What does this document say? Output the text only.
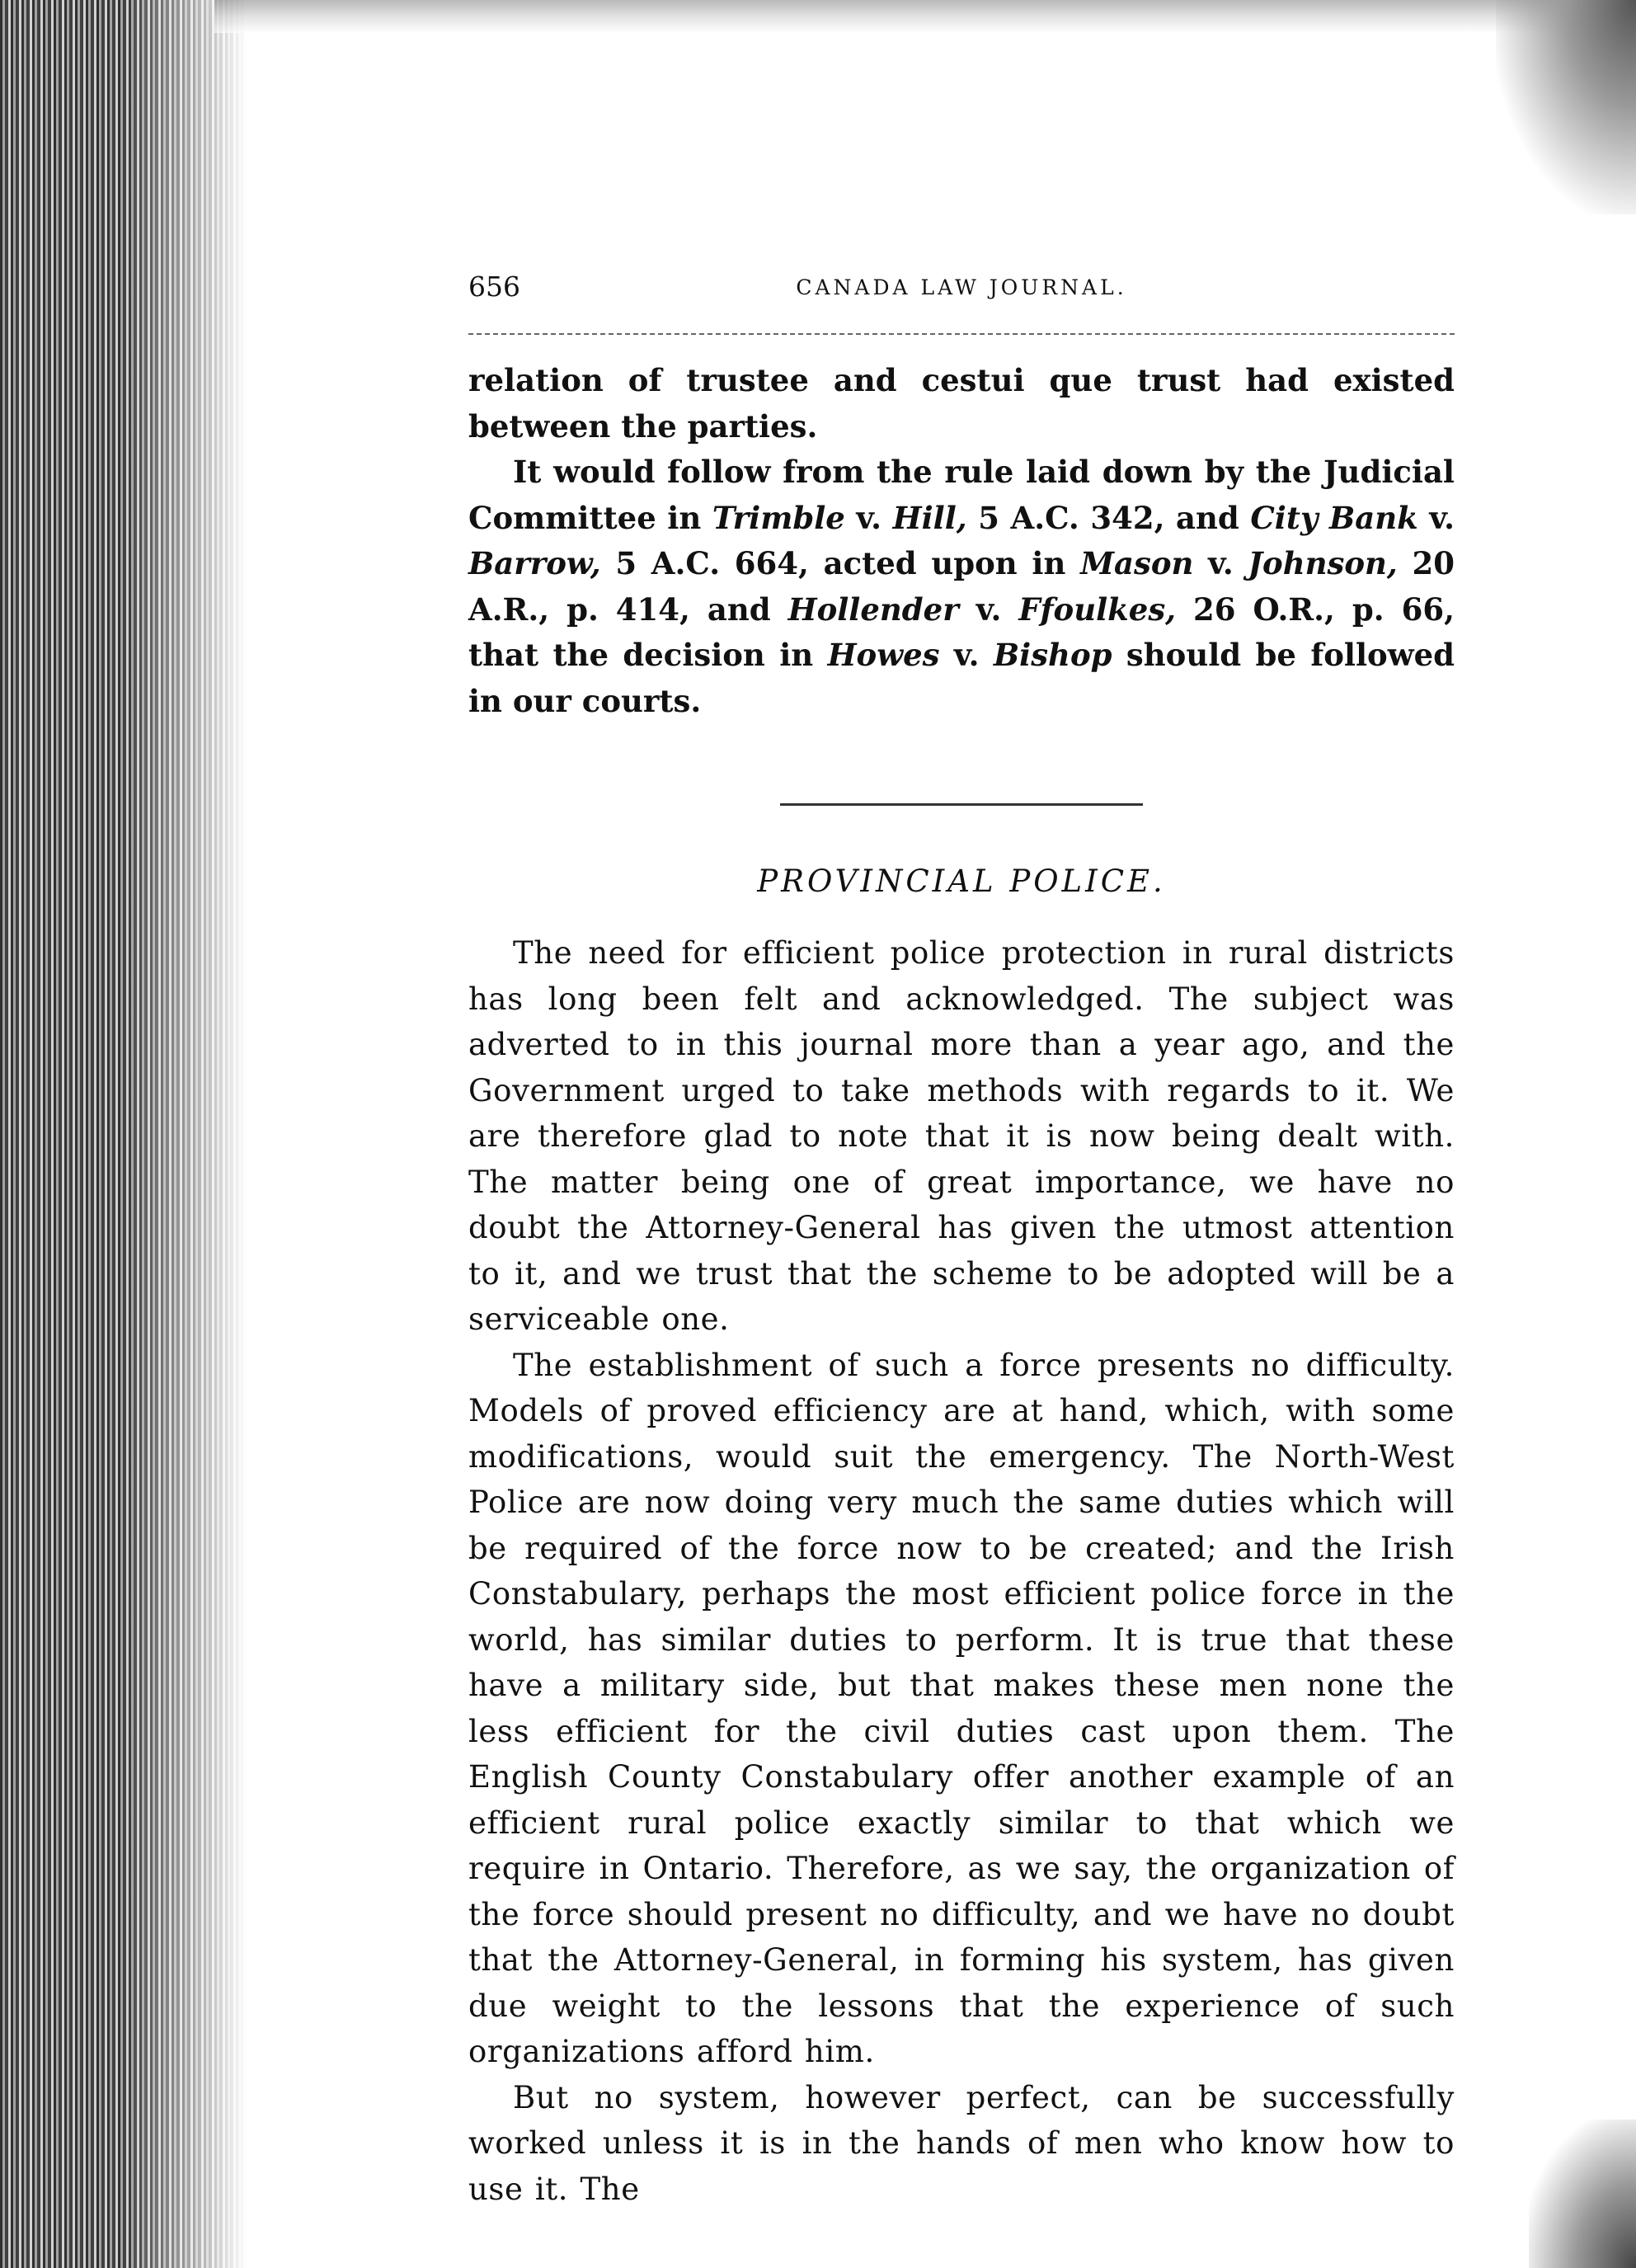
656	CANADA LAW JOURNAL.

relation of trustee and cestui que trust had existed between the parties.

It would follow from the rule laid down by the Judicial Committee in Trimble v. Hill, 5 A.C. 342, and City Bank v. Barrow, 5 A.C. 664, acted upon in Mason v. Johnson, 20 A.R., p. 414, and Hollender v. Ffoulkes, 26 O.R., p. 66, that the decision in Howes v. Bishop should be followed in our courts.

PROVINCIAL POLICE.

The need for efficient police protection in rural districts has long been felt and acknowledged. The subject was adverted to in this journal more than a year ago, and the Government urged to take methods with regards to it. We are therefore glad to note that it is now being dealt with. The matter being one of great importance, we have no doubt the Attorney-General has given the utmost attention to it, and we trust that the scheme to be adopted will be a serviceable one.

The establishment of such a force presents no difficulty. Models of proved efficiency are at hand, which, with some modifications, would suit the emergency. The North-West Police are now doing very much the same duties which will be required of the force now to be created; and the Irish Constabulary, perhaps the most efficient police force in the world, has similar duties to perform. It is true that these have a military side, but that makes these men none the less efficient for the civil duties cast upon them. The English County Constabulary offer another example of an efficient rural police exactly similar to that which we require in Ontario. Therefore, as we say, the organization of the force should present no difficulty, and we have no doubt that the Attorney-General, in forming his system, has given due weight to the lessons that the experience of such organizations afford him.

But no system, however perfect, can be successfully worked unless it is in the hands of men who know how to use it. The
